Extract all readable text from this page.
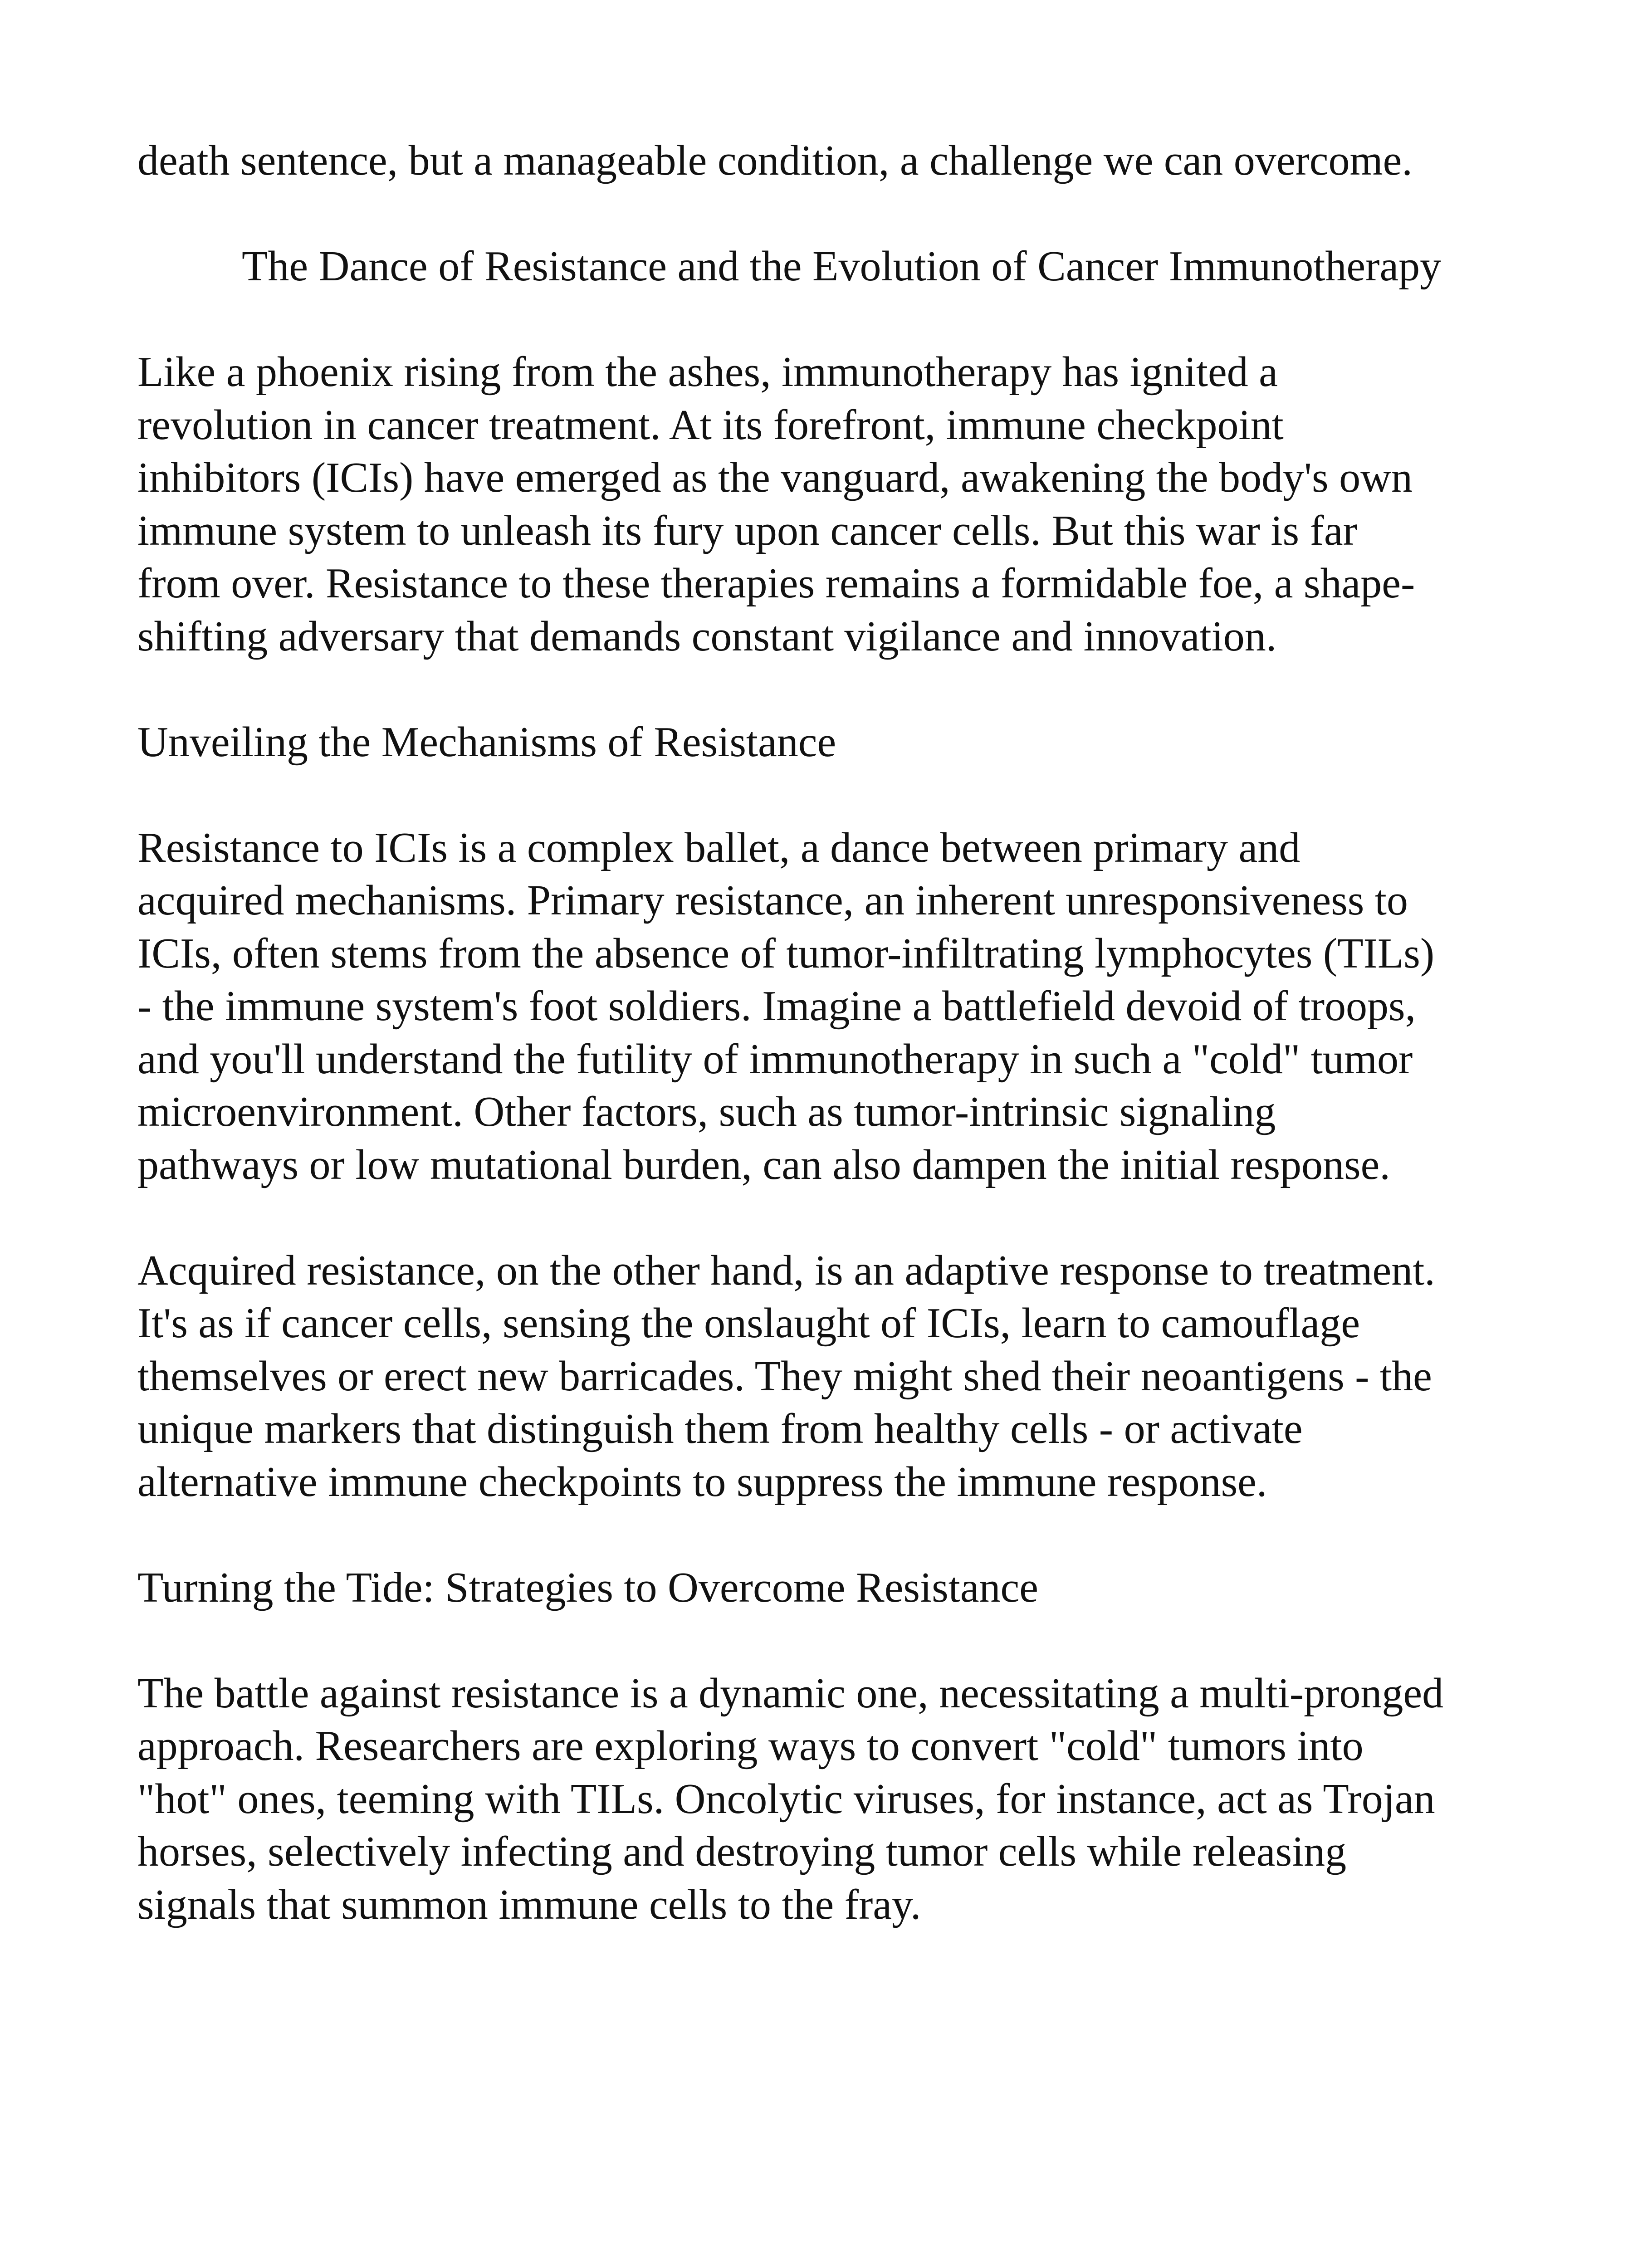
death sentence, but a manageable condition, a challenge we can overcome.

The Dance of Resistance and the Evolution of Cancer Immunotherapy

Like a phoenix rising from the ashes, immunotherapy has ignited a revolution in cancer treatment. At its forefront, immune checkpoint inhibitors (ICIs) have emerged as the vanguard, awakening the body's own immune system to unleash its fury upon cancer cells. But this war is far from over. Resistance to these therapies remains a formidable foe, a shape-shifting adversary that demands constant vigilance and innovation.

Unveiling the Mechanisms of Resistance

Resistance to ICIs is a complex ballet, a dance between primary and acquired mechanisms. Primary resistance, an inherent unresponsiveness to ICIs, often stems from the absence of tumor-infiltrating lymphocytes (TILs) - the immune system's foot soldiers. Imagine a battlefield devoid of troops, and you'll understand the futility of immunotherapy in such a "cold" tumor microenvironment. Other factors, such as tumor-intrinsic signaling pathways or low mutational burden, can also dampen the initial response.

Acquired resistance, on the other hand, is an adaptive response to treatment. It's as if cancer cells, sensing the onslaught of ICIs, learn to camouflage themselves or erect new barricades. They might shed their neoantigens - the unique markers that distinguish them from healthy cells - or activate alternative immune checkpoints to suppress the immune response.

Turning the Tide: Strategies to Overcome Resistance

The battle against resistance is a dynamic one, necessitating a multi-pronged approach. Researchers are exploring ways to convert "cold" tumors into "hot" ones, teeming with TILs. Oncolytic viruses, for instance, act as Trojan horses, selectively infecting and destroying tumor cells while releasing signals that summon immune cells to the fray.
